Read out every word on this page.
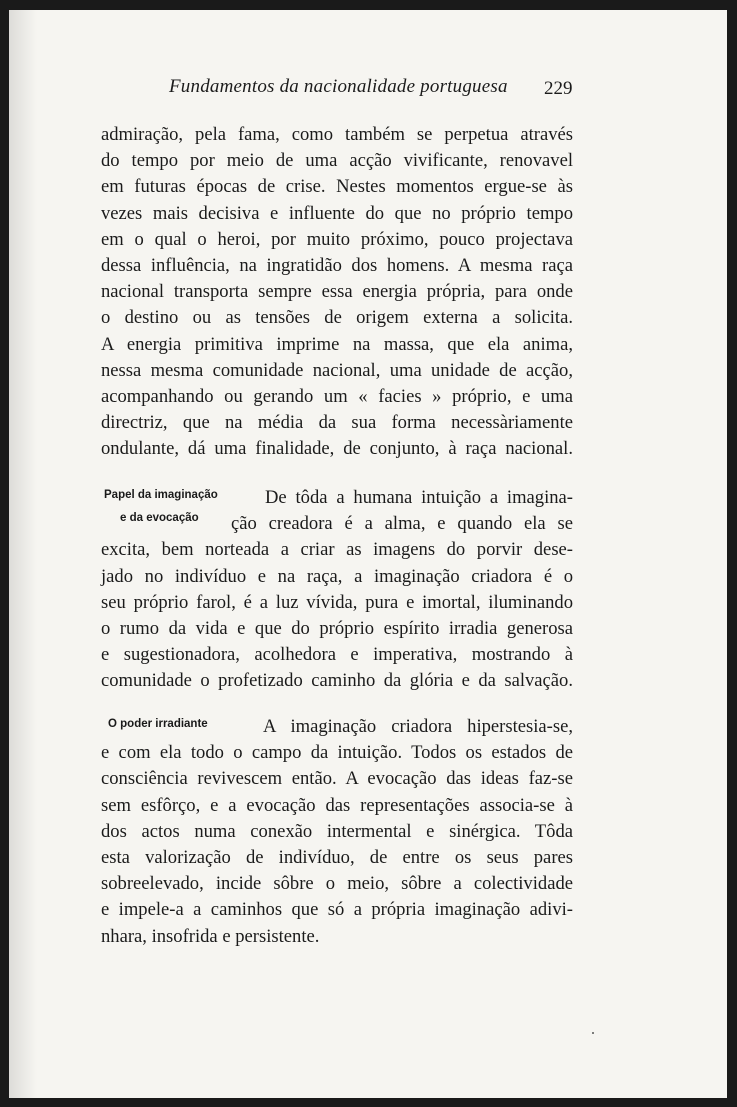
Fundamentos da nacionalidade portuguesa 229
admiração, pela fama, como também se perpetua através
do tempo por meio de uma acção vivificante, renovavel
em futuras épocas de crise. Nestes momentos ergue-se às
vezes mais decisiva e influente do que no próprio tempo
em o qual o heroi, por muito próximo, pouco projectava
dessa influência, na ingratidão dos homens. A mesma raça
nacional transporta sempre essa energia própria, para onde
o destino ou as tensões de origem externa a solicita.
A energia primitiva imprime na massa, que ela anima,
nessa mesma comunidade nacional, uma unidade de acção,
acompanhando ou gerando um « facies » próprio, e uma
directriz, que na média da sua forma necessàriamente
ondulante, dá uma finalidade, de conjunto, à raça nacional.
Papel da imaginação
e da evocação
De tôda a humana intuição a imagina-
ção creadora é a alma, e quando ela se
excita, bem norteada a criar as imagens do porvir dese-
jado no indivíduo e na raça, a imaginação criadora é o
seu próprio farol, é a luz vívida, pura e imortal, iluminando
o rumo da vida e que do próprio espírito irradia generosa
e sugestionadora, acolhedora e imperativa, mostrando à
comunidade o profetizado caminho da glória e da salvação.
O poder irradiante	A imaginação criadora hiperstesia-se,
e com ela todo o campo da intuição. Todos os estados de
consciência revivescem então. A evocação das ideas faz-se
sem esfôrço, e a evocação das representações associa-se à
dos actos numa conexão intermental e sinérgica. Tôda
esta valorização de indivíduo, de entre os seus pares
sobreelevado, incide sôbre o meio, sôbre a colectividade
e impele-a a caminhos que só a própria imaginação adivi-
nhara, insofrida e persistente.
